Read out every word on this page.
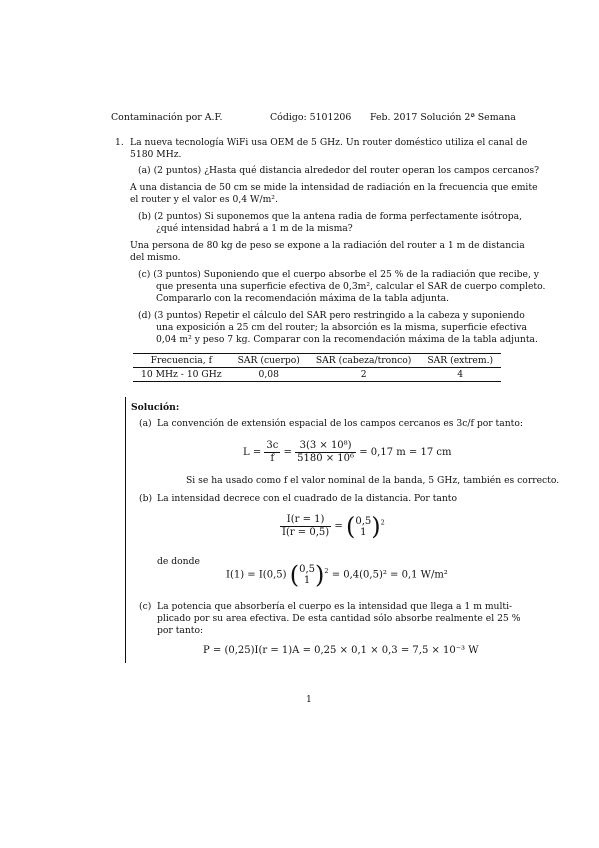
Contaminación por A.F.	Código: 5101206 Feb. 2017 Solución 2ª Semana
1. La nueva tecnología WiFi usa OEM de 5 GHz. Un router doméstico utiliza el canal de
5180 MHz.
(a) (2 puntos) ¿Hasta qué distancia alrededor del router operan los campos cercanos?
A una distancia de 50 cm se mide la intensidad de radiación en la frecuencia que emite
el router y el valor es 0,4 W/m².
(b) (2 puntos) Si suponemos que la antena radia de forma perfectamente isótropa,
¿qué intensidad habrá a 1 m de la misma?
Una persona de 80 kg de peso se expone a la radiación del router a 1 m de distancia
del mismo.
(c) (3 puntos) Suponiendo que el cuerpo absorbe el 25 % de la radiación que recibe, y
que presenta una superficie efectiva de 0,3m², calcular el SAR de cuerpo completo.
Compararlo con la recomendación máxima de la tabla adjunta.
(d) (3 puntos) Repetir el cálculo del SAR pero restringido a la cabeza y suponiendo
una exposición a 25 cm del router; la absorción es la misma, superficie efectiva
0,04 m² y peso 7 kg. Comparar con la recomendación máxima de la tabla adjunta.
Frecuencia, f	SAR (cuerpo)	SAR (cabeza/tronco)	SAR (extrem.)
10 MHz - 10 GHz	0,08	2	4
Solución:
(a) La convención de extensión espacial de los campos cercanos es 3c/f por tanto:
$L = \frac{3c}{f} = \frac{\text{3(3 × 10⁸)}}{\text{5180 × 10⁶}} = 0,17$ m = 17 cm
Si se ha usado como f el valor nominal de la banda, 5 GHz, también es correcto.
(b) La intensidad decrece con el cuadrado de la distancia. Por tanto
$\frac{I(r = 1)}{I(r = 0,5)}$ = ( 0,5
1 )$^2$
de donde
I(1) = I(0,5) ( 0,5
1 )$^2$ = 0,4(0,5)² = 0,1 W/m²
(c) La potencia que absorbería el cuerpo es la intensidad que llega a 1 m multi-
plicado por su area efectiva. De esta cantidad sólo absorbe realmente el 25 %
por tanto:
P = (0,25)I(r = 1)A = 0,25 × 0,1 × 0,3 = 7,5 × 10⁻³ W
1
